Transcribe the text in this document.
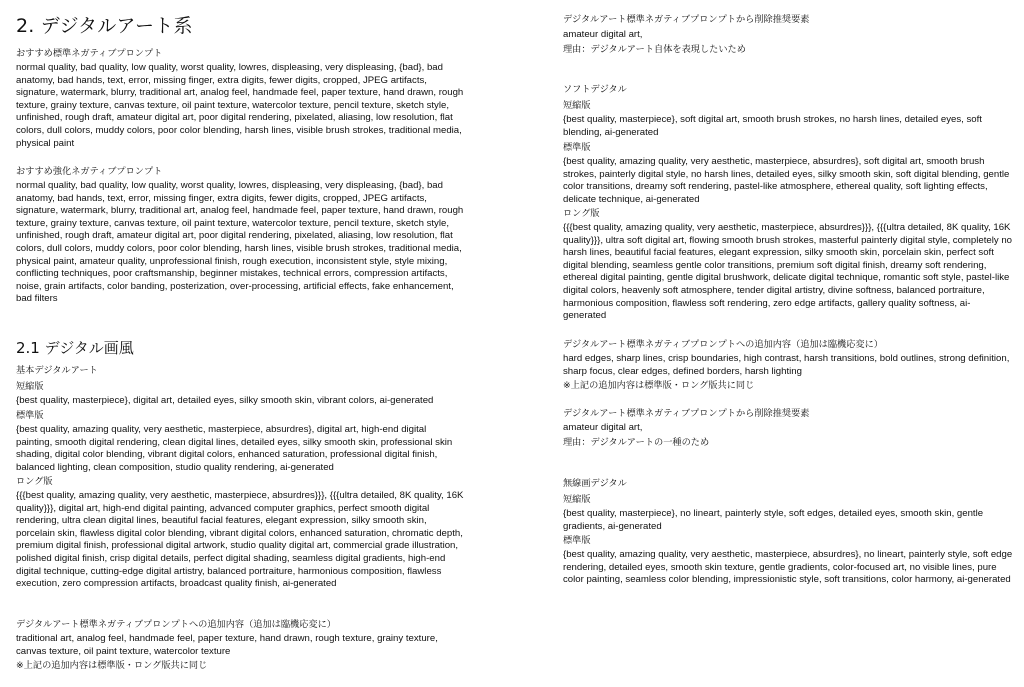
2. デジタルアート系

おすすめ標準ネガティブプロンプト

normal quality, bad quality, low quality, worst quality, lowres, displeasing, very displeasing, {bad}, bad anatomy, bad hands, text, error, missing finger, extra digits, fewer digits, cropped, JPEG artifacts, signature, watermark, blurry, traditional art, analog feel, handmade feel, paper texture, hand drawn, rough texture, grainy texture, canvas texture, oil paint texture, watercolor texture, pencil texture, sketch style, unfinished, rough draft, amateur digital art, poor digital rendering, pixelated, aliasing, low resolution, flat colors, dull colors, muddy colors, poor color blending, harsh lines, visible brush strokes, traditional media, physical paint

おすすめ強化ネガティブプロンプト

normal quality, bad quality, low quality, worst quality, lowres, displeasing, very displeasing, {bad}, bad anatomy, bad hands, text, error, missing finger, extra digits, fewer digits, cropped, JPEG artifacts, signature, watermark, blurry, traditional art, analog feel, handmade feel, paper texture, hand drawn, rough texture, grainy texture, canvas texture, oil paint texture, watercolor texture, pencil texture, sketch style, unfinished, rough draft, amateur digital art, poor digital rendering, pixelated, aliasing, low resolution, flat colors, dull colors, muddy colors, poor color blending, harsh lines, visible brush strokes, traditional media, physical paint, amateur quality, unprofessional finish, rough execution, inconsistent style, style mixing, conflicting techniques, poor craftsmanship, beginner mistakes, technical errors, compression artifacts, noise, grain artifacts, color banding, posterization, over-processing, artificial effects, fake enhancement, bad filters

2.1 デジタル画風

基本デジタルアート

短縮版

{best quality, masterpiece}, digital art, detailed eyes, silky smooth skin, vibrant colors, ai-generated

標準版

{best quality, amazing quality, very aesthetic, masterpiece, absurdres}, digital art, high-end digital painting, smooth digital rendering, clean digital lines, detailed eyes, silky smooth skin, professional skin shading, digital color blending, vibrant digital colors, enhanced saturation, professional digital finish, balanced lighting, clean composition, studio quality rendering, ai-generated

ロング版

{{{best quality, amazing quality, very aesthetic, masterpiece, absurdres}}}, {{{ultra detailed, 8K quality, 16K quality}}}, digital art, high-end digital painting, advanced computer graphics, perfect smooth digital rendering, ultra clean digital lines, beautiful facial features, elegant expression, silky smooth skin, porcelain skin, flawless digital color blending, vibrant digital colors, enhanced saturation, chromatic depth, premium digital finish, professional digital artwork, studio quality digital art, commercial grade illustration, polished digital finish, crisp digital details, perfect digital shading, seamless digital gradients, high-end digital technique, cutting-edge digital artistry, balanced portraiture, harmonious composition, flawless execution, zero compression artifacts, broadcast quality finish, ai-generated

デジタルアート標準ネガティブプロンプトへの追加内容（追加は臨機応変に）

traditional art, analog feel, handmade feel, paper texture, hand drawn, rough texture, grainy texture, canvas texture, oil paint texture, watercolor texture

※上記の追加内容は標準版・ロング版共に同じ

デジタルアート標準ネガティブプロンプトから削除推奨要素

amateur digital art,

理由：デジタルアート自体を表現したいため

ソフトデジタル

短縮版

{best quality, masterpiece}, soft digital art, smooth brush strokes, no harsh lines, detailed eyes, soft blending, ai-generated

標準版

{best quality, amazing quality, very aesthetic, masterpiece, absurdres}, soft digital art, smooth brush strokes, painterly digital style, no harsh lines, detailed eyes, silky smooth skin, soft digital blending, gentle color transitions, dreamy soft rendering, pastel-like atmosphere, ethereal quality, soft lighting effects, delicate technique, ai-generated

ロング版

{{{best quality, amazing quality, very aesthetic, masterpiece, absurdres}}}, {{{ultra detailed, 8K quality, 16K quality}}}, ultra soft digital art, flowing smooth brush strokes, masterful painterly digital style, completely no harsh lines, beautiful facial features, elegant expression, silky smooth skin, porcelain skin, perfect soft digital blending, seamless gentle color transitions, premium soft digital finish, dreamy soft rendering, ethereal digital painting, gentle digital brushwork, delicate digital technique, romantic soft style, pastel-like digital colors, heavenly soft atmosphere, tender digital artistry, divine softness, balanced portraiture, harmonious composition, flawless soft rendering, zero edge artifacts, gallery quality softness, ai-generated

デジタルアート標準ネガティブプロンプトへの追加内容（追加は臨機応変に）

hard edges, sharp lines, crisp boundaries, high contrast, harsh transitions, bold outlines, strong definition, sharp focus, clear edges, defined borders, harsh lighting

※上記の追加内容は標準版・ロング版共に同じ

デジタルアート標準ネガティブプロンプトから削除推奨要素

amateur digital art,

理由：デジタルアートの一種のため

無線画デジタル

短縮版

{best quality, masterpiece}, no lineart, painterly style, soft edges, detailed eyes, smooth skin, gentle gradients, ai-generated

標準版

{best quality, amazing quality, very aesthetic, masterpiece, absurdres}, no lineart, painterly style, soft edge rendering, detailed eyes, smooth skin texture, gentle gradients, color-focused art, no visible lines, pure color painting, seamless color blending, impressionistic style, soft transitions, color harmony, ai-generated
